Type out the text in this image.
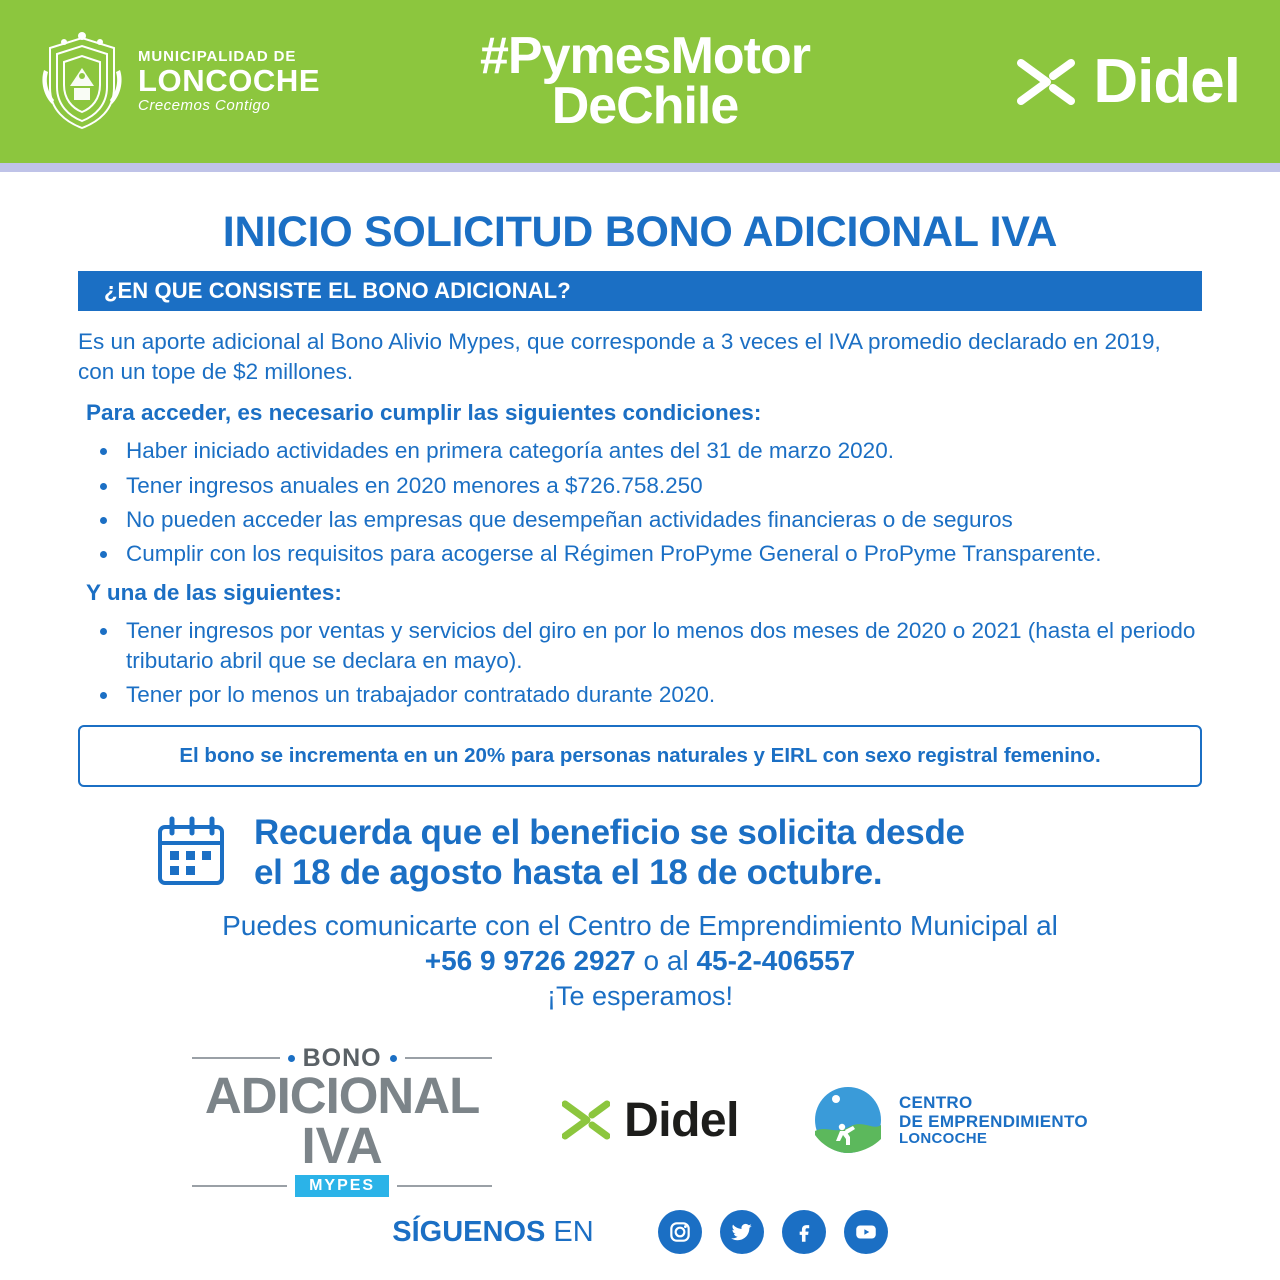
MUNICIPALIDAD DE
LONCOCHE
Crecemos Contigo
#PymesMotor
DeChile	Didel
INICIO SOLICITUD BONO ADICIONAL IVA
¿EN QUE CONSISTE EL BONO ADICIONAL?

Es un aporte adicional al Bono Alivio Mypes, que corresponde a 3 veces el IVA promedio declarado en 2019, con un tope de $2 millones.

Para acceder, es necesario cumplir las siguientes condiciones:
Haber iniciado actividades en primera categoría antes del 31 de marzo 2020.
Tener ingresos anuales en 2020 menores a $726.758.250
No pueden acceder las empresas que desempeñan actividades financieras o de seguros
Cumplir con los requisitos para acogerse al Régimen ProPyme General o ProPyme Transparente.
Y una de las siguientes:
Tener ingresos por ventas y servicios del giro en por lo menos dos meses de 2020 o 2021 (hasta el periodo tributario abril que se declara en mayo).
Tener por lo menos un trabajador contratado durante 2020.
El bono se incrementa en un 20% para personas naturales y EIRL con sexo registral femenino.
Recuerda que el beneficio se solicita desde
el 18 de agosto hasta el 18 de octubre.
Puedes comunicarte con el Centro de Emprendimiento Municipal al
+56 9 9726 2927 o al 45-2-406557
¡Te esperamos!
BONO
ADICIONAL
IVA
MYPES
Didel	CENTRO
DE EMPRENDIMIENTO
LONCOCHE
SÍGUENOS EN
